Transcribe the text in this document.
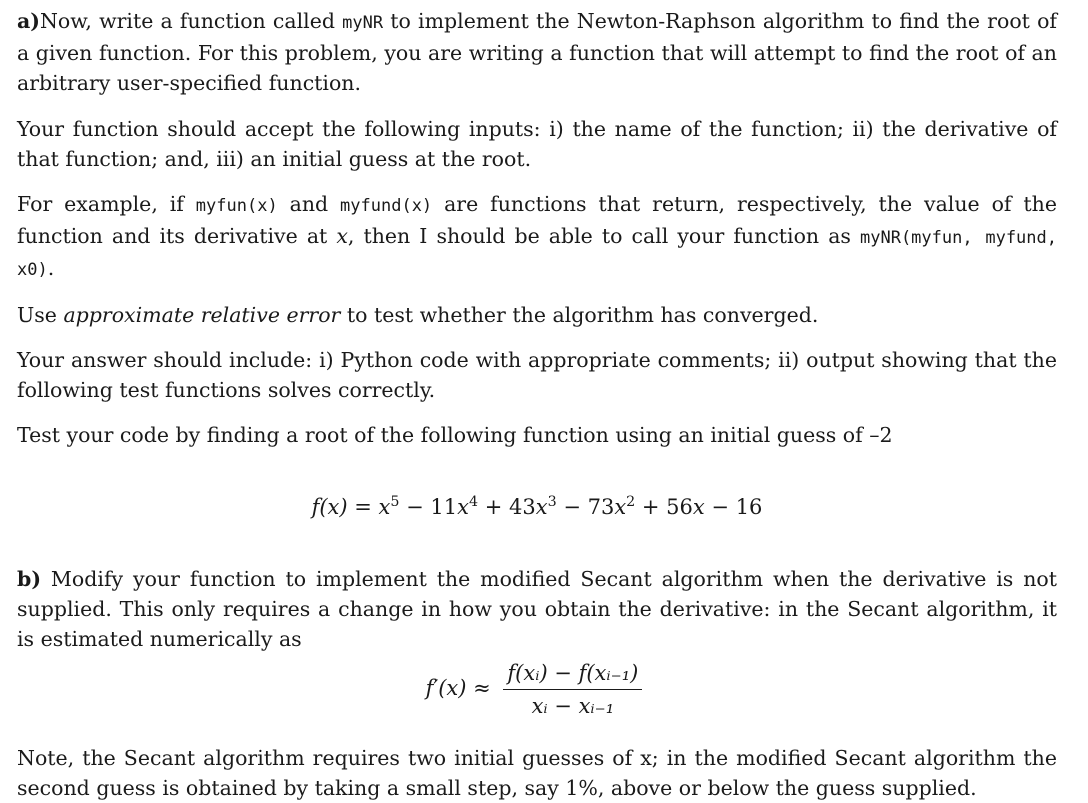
a)Now, write a function called myNR to implement the Newton-Raphson algorithm to find the root of a given function. For this problem, you are writing a function that will attempt to find the root of an arbitrary user-specified function.

Your function should accept the following inputs: i) the name of the function; ii) the derivative of that function; and, iii) an initial guess at the root.

For example, if myfun(x) and myfund(x) are functions that return, respectively, the value of the function and its derivative at x, then I should be able to call your function as myNR(myfun, myfund, x0).

Use approximate relative error to test whether the algorithm has converged.

Your answer should include: i) Python code with appropriate comments; ii) output showing that the following test functions solves correctly.

Test your code by finding a root of the following function using an initial guess of –2

$f(x) = x^5 - 11x^4 + 43x^3 - 73x^2 + 56x - 16$

b) Modify your function to implement the modified Secant algorithm when the derivative is not supplied. This only requires a change in how you obtain the derivative: in the Secant algorithm, it is estimated numerically as

$f'(x) \approx \frac{\text{f(xᵢ) − f(xᵢ₋₁)}}{\text{xᵢ − xᵢ₋₁}}$

Note, the Secant algorithm requires two initial guesses of x; in the modified Secant algorithm the second guess is obtained by taking a small step, say 1%, above or below the guess supplied.
